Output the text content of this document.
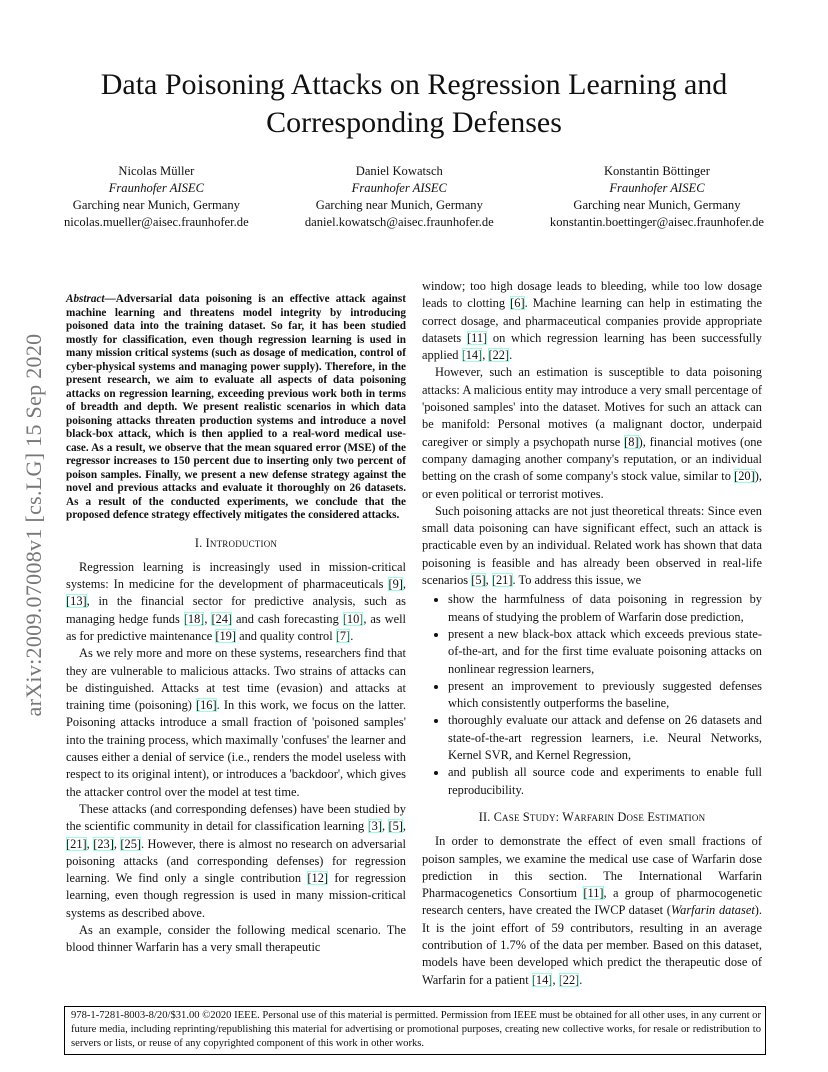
arXiv:2009.07008v1 [cs.LG] 15 Sep 2020
Data Poisoning Attacks on Regression Learning and
Corresponding Defenses
Nicolas Müller
Fraunhofer AISEC
Garching near Munich, Germany
nicolas.mueller@aisec.fraunhofer.de
Daniel Kowatsch
Fraunhofer AISEC
Garching near Munich, Germany
daniel.kowatsch@aisec.fraunhofer.de
Konstantin Böttinger
Fraunhofer AISEC
Garching near Munich, Germany
konstantin.boettinger@aisec.fraunhofer.de
Abstract—Adversarial data poisoning is an effective attack against machine learning and threatens model integrity by introducing poisoned data into the training dataset. So far, it has been studied mostly for classification, even though regression learning is used in many mission critical systems (such as dosage of medication, control of cyber-physical systems and managing power supply). Therefore, in the present research, we aim to evaluate all aspects of data poisoning attacks on regression learning, exceeding previous work both in terms of breadth and depth. We present realistic scenarios in which data poisoning attacks threaten production systems and introduce a novel black-box attack, which is then applied to a real-word medical use-case. As a result, we observe that the mean squared error (MSE) of the regressor increases to 150 percent due to inserting only two percent of poison samples. Finally, we present a new defense strategy against the novel and previous attacks and evaluate it thoroughly on 26 datasets. As a result of the conducted experiments, we conclude that the proposed defence strategy effectively mitigates the considered attacks.
I. Introduction

Regression learning is increasingly used in mission-critical systems: In medicine for the development of pharmaceuticals [9], [13], in the financial sector for predictive analysis, such as managing hedge funds [18], [24] and cash forecasting [10], as well as for predictive maintenance [19] and quality control [7].

As we rely more and more on these systems, researchers find that they are vulnerable to malicious attacks. Two strains of attacks can be distinguished. Attacks at test time (evasion) and attacks at training time (poisoning) [16]. In this work, we focus on the latter. Poisoning attacks introduce a small fraction of 'poisoned samples' into the training process, which maximally 'confuses' the learner and causes either a denial of service (i.e., renders the model useless with respect to its original intent), or introduces a 'backdoor', which gives the attacker control over the model at test time.

These attacks (and corresponding defenses) have been studied by the scientific community in detail for classification learning [3], [5], [21], [23], [25]. However, there is almost no research on adversarial poisoning attacks (and corresponding defenses) for regression learning. We find only a single contribution [12] for regression learning, even though regression is used in many mission-critical systems as described above.

As an example, consider the following medical scenario. The blood thinner Warfarin has a very small therapeutic

window; too high dosage leads to bleeding, while too low dosage leads to clotting [6]. Machine learning can help in estimating the correct dosage, and pharmaceutical companies provide appropriate datasets [11] on which regression learning has been successfully applied [14], [22].

However, such an estimation is susceptible to data poisoning attacks: A malicious entity may introduce a very small percentage of 'poisoned samples' into the dataset. Motives for such an attack can be manifold: Personal motives (a malignant doctor, underpaid caregiver or simply a psychopath nurse [8]), financial motives (one company damaging another company's reputation, or an individual betting on the crash of some company's stock value, similar to [20]), or even political or terrorist motives.

Such poisoning attacks are not just theoretical threats: Since even small data poisoning can have significant effect, such an attack is practicable even by an individual. Related work has shown that data poisoning is feasible and has already been observed in real-life scenarios [5], [21]. To address this issue, we

• show the harmfulness of data poisoning in regression by means of studying the problem of Warfarin dose prediction,
• present a new black-box attack which exceeds previous state-of-the-art, and for the first time evaluate poisoning attacks on nonlinear regression learners,
• present an improvement to previously suggested defenses which consistently outperforms the baseline,
• thoroughly evaluate our attack and defense on 26 datasets and state-of-the-art regression learners, i.e. Neural Networks, Kernel SVR, and Kernel Regression,
• and publish all source code and experiments to enable full reproducibility.
II. Case Study: Warfarin Dose Estimation

In order to demonstrate the effect of even small fractions of poison samples, we examine the medical use case of Warfarin dose prediction in this section. The International Warfarin Pharmacogenetics Consortium [11], a group of pharmocogenetic research centers, have created the IWCP dataset (Warfarin dataset). It is the joint effort of 59 contributors, resulting in an average contribution of 1.7% of the data per member. Based on this dataset, models have been developed which predict the therapeutic dose of Warfarin for a patient [14], [22].

978-1-7281-8003-8/20/$31.00 ©2020 IEEE. Personal use of this material is permitted. Permission from IEEE must be obtained for all other uses, in any current or future media, including reprinting/republishing this material for advertising or promotional purposes, creating new collective works, for resale or redistribution to servers or lists, or reuse of any copyrighted component of this work in other works.
